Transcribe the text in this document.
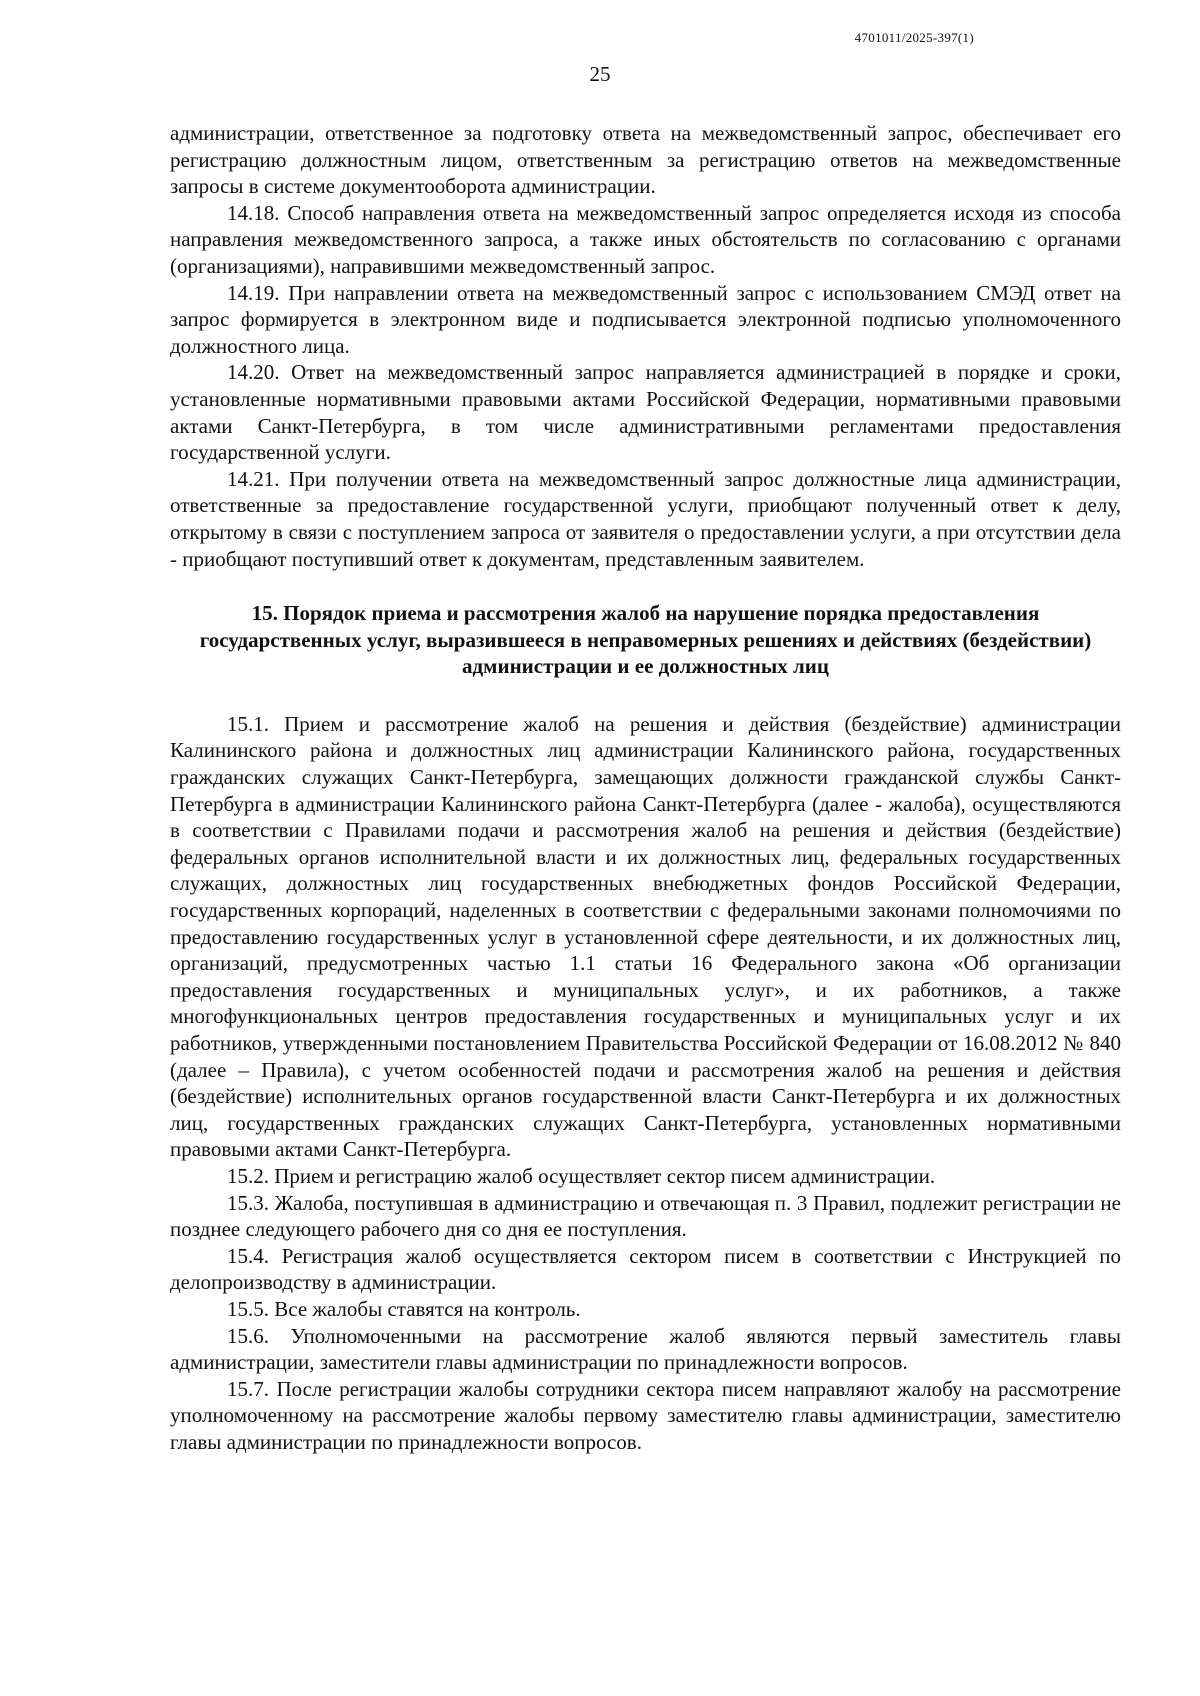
4701011/2025-397(1)
25

администрации, ответственное за подготовку ответа на межведомственный запрос, обеспечивает его регистрацию должностным лицом, ответственным за регистрацию ответов на межведомственные запросы в системе документооборота администрации.

14.18. Способ направления ответа на межведомственный запрос определяется исходя из способа направления межведомственного запроса, а также иных обстоятельств по согласованию с органами (организациями), направившими межведомственный запрос.

14.19. При направлении ответа на межведомственный запрос с использованием СМЭД ответ на запрос формируется в электронном виде и подписывается электронной подписью уполномоченного должностного лица.

14.20. Ответ на межведомственный запрос направляется администрацией в порядке и сроки, установленные нормативными правовыми актами Российской Федерации, нормативными правовыми актами Санкт-Петербурга, в том числе административными регламентами предоставления государственной услуги.

14.21. При получении ответа на межведомственный запрос должностные лица администрации, ответственные за предоставление государственной услуги, приобщают полученный ответ к делу, открытому в связи с поступлением запроса от заявителя о предоставлении услуги, а при отсутствии дела - приобщают поступивший ответ к документам, представленным заявителем.

15. Порядок приема и рассмотрения жалоб на нарушение порядка предоставления государственных услуг, выразившееся в неправомерных решениях и действиях (бездействии) администрации и ее должностных лиц

15.1. Прием и рассмотрение жалоб на решения и действия (бездействие) администрации Калининского района и должностных лиц администрации Калининского района, государственных гражданских служащих Санкт-Петербурга, замещающих должности гражданской службы Санкт-Петербурга в администрации Калининского района Санкт-Петербурга (далее - жалоба), осуществляются в соответствии с Правилами подачи и рассмотрения жалоб на решения и действия (бездействие) федеральных органов исполнительной власти и их должностных лиц, федеральных государственных служащих, должностных лиц государственных внебюджетных фондов Российской Федерации, государственных корпораций, наделенных в соответствии с федеральными законами полномочиями по предоставлению государственных услуг в установленной сфере деятельности, и их должностных лиц, организаций, предусмотренных частью 1.1 статьи 16 Федерального закона «Об организации предоставления государственных и муниципальных услуг», и их работников, а также многофункциональных центров предоставления государственных и муниципальных услуг и их работников, утвержденными постановлением Правительства Российской Федерации от 16.08.2012 № 840 (далее – Правила), с учетом особенностей подачи и рассмотрения жалоб на решения и действия (бездействие) исполнительных органов государственной власти Санкт-Петербурга и их должностных лиц, государственных гражданских служащих Санкт-Петербурга, установленных нормативными правовыми актами Санкт-Петербурга.

15.2. Прием и регистрацию жалоб осуществляет сектор писем администрации.

15.3. Жалоба, поступившая в администрацию и отвечающая п. 3 Правил, подлежит регистрации не позднее следующего рабочего дня со дня ее поступления.

15.4. Регистрация жалоб осуществляется сектором писем в соответствии с Инструкцией по делопроизводству в администрации.

15.5. Все жалобы ставятся на контроль.

15.6. Уполномоченными на рассмотрение жалоб являются первый заместитель главы администрации, заместители главы администрации по принадлежности вопросов.

15.7. После регистрации жалобы сотрудники сектора писем направляют жалобу на рассмотрение уполномоченному на рассмотрение жалобы первому заместителю главы администрации, заместителю главы администрации по принадлежности вопросов.
